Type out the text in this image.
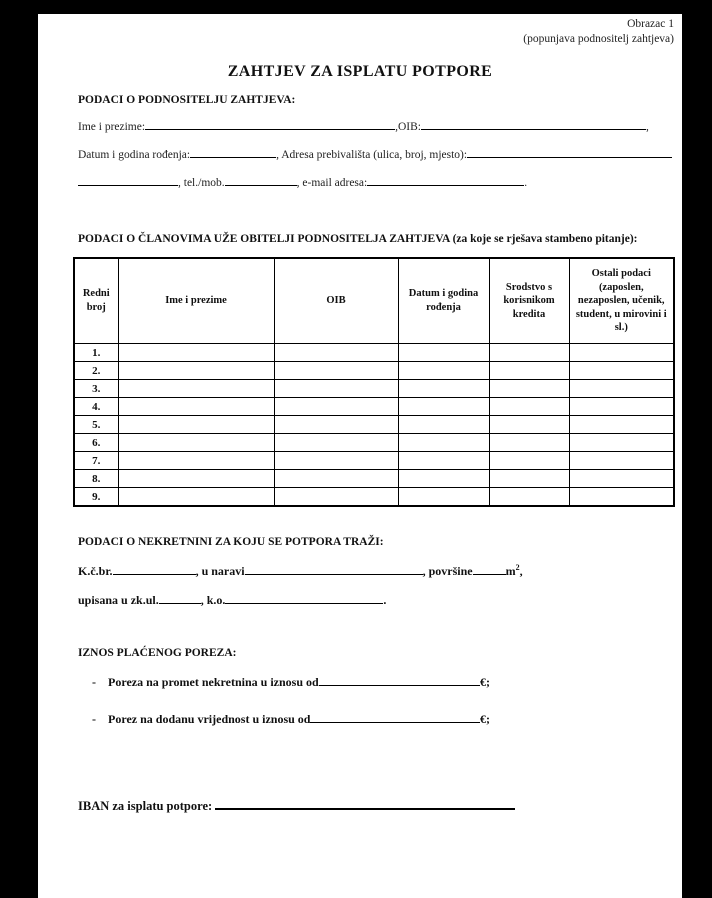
Obrazac 1
(popunjava podnositelj zahtjeva)
ZAHTJEV ZA ISPLATU POTPORE
PODACI O PODNOSITELJU ZAHTJEVA:
Ime i prezime:	,OIB:	,
Datum i godina rođenja:	, Adresa prebivališta (ulica, broj, mjesto):
, tel./mob.	, e-mail adresa:	.
PODACI O ČLANOVIMA UŽE OBITELJI PODNOSITELJA ZAHTJEVA (za koje se rješava stambeno pitanje):
Redni broj	Ime i prezime	OIB	Datum i godina rođenja	Srodstvo s korisnikom kredita	Ostali podaci (zaposlen, nezaposlen, učenik, student, u mirovini i sl.)
1.					
2.					
3.					
4.					
5.					
6.					
7.					
8.					
9.					
PODACI O NEKRETNINI ZA KOJU SE POTPORA TRAŽI:
K.č.br.	, u naravi	, površine	$m^2$,
upisana u zk.ul.	, k.o.	.
IZNOS PLAĆENOG POREZA:
-	Poreza na promet nekretnina u iznosu od	€;
-	Porez na dodanu vrijednost u iznosu od	€;
IBAN za isplatu potpore:
